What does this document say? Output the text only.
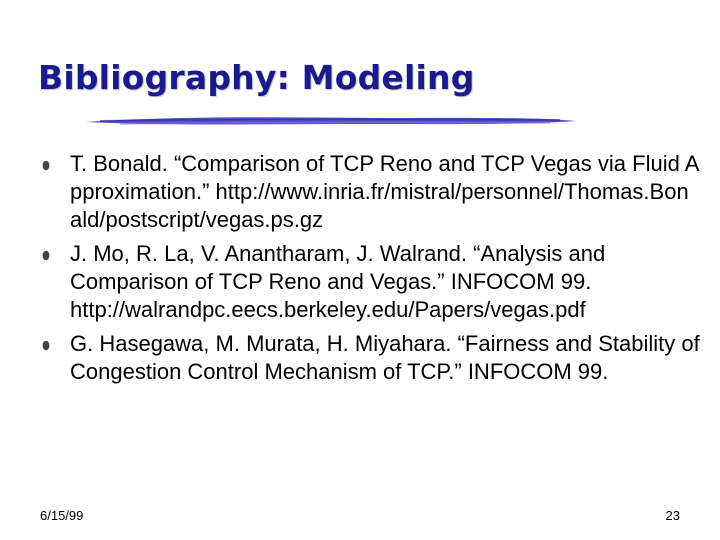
Bibliography: Modeling
T. Bonald. “Comparison of TCP Reno and TCP Vegas via Fluid Approximation.” http://www.inria.fr/mistral/personnel/Thomas.Bonald/postscript/vegas.ps.gz
J. Mo, R. La, V. Anantharam, J. Walrand. “Analysis and Comparison of TCP Reno and Vegas.” INFOCOM 99. http://walrandpc.eecs.berkeley.edu/Papers/vegas.pdf
G. Hasegawa, M. Murata, H. Miyahara. “Fairness and Stability of Congestion Control Mechanism of TCP.” INFOCOM 99.
6/15/99	23
